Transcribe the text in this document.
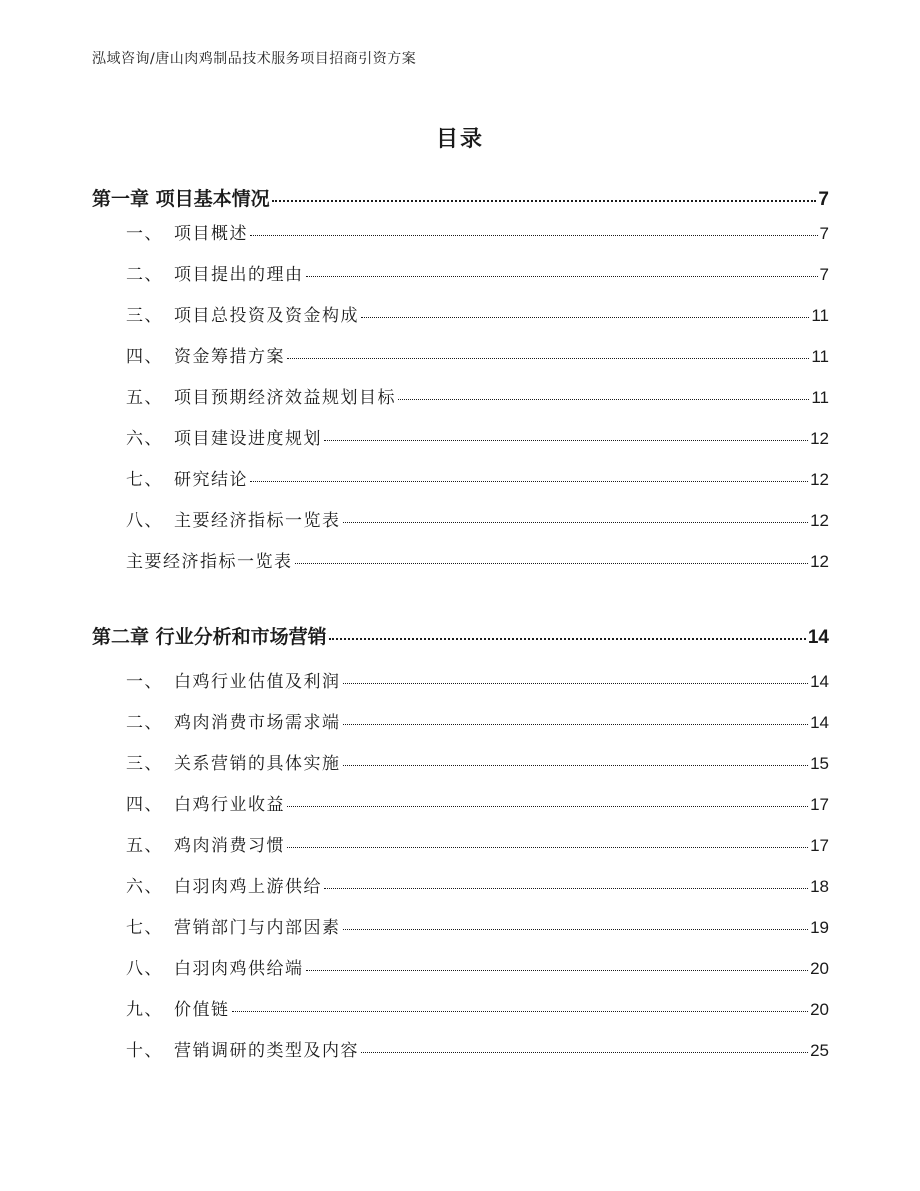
泓域咨询/唐山肉鸡制品技术服务项目招商引资方案
目录
第一章 项目基本情况	7
一、 项目概述	7
二、 项目提出的理由	7
三、 项目总投资及资金构成	11
四、 资金筹措方案	11
五、 项目预期经济效益规划目标	11
六、 项目建设进度规划	12
七、 研究结论	12
八、 主要经济指标一览表	12
主要经济指标一览表	12
第二章 行业分析和市场营销	14
一、 白鸡行业估值及利润	14
二、 鸡肉消费市场需求端	14
三、 关系营销的具体实施	15
四、 白鸡行业收益	17
五、 鸡肉消费习惯	17
六、 白羽肉鸡上游供给	18
七、 营销部门与内部因素	19
八、 白羽肉鸡供给端	20
九、 价值链	20
十、 营销调研的类型及内容	25
